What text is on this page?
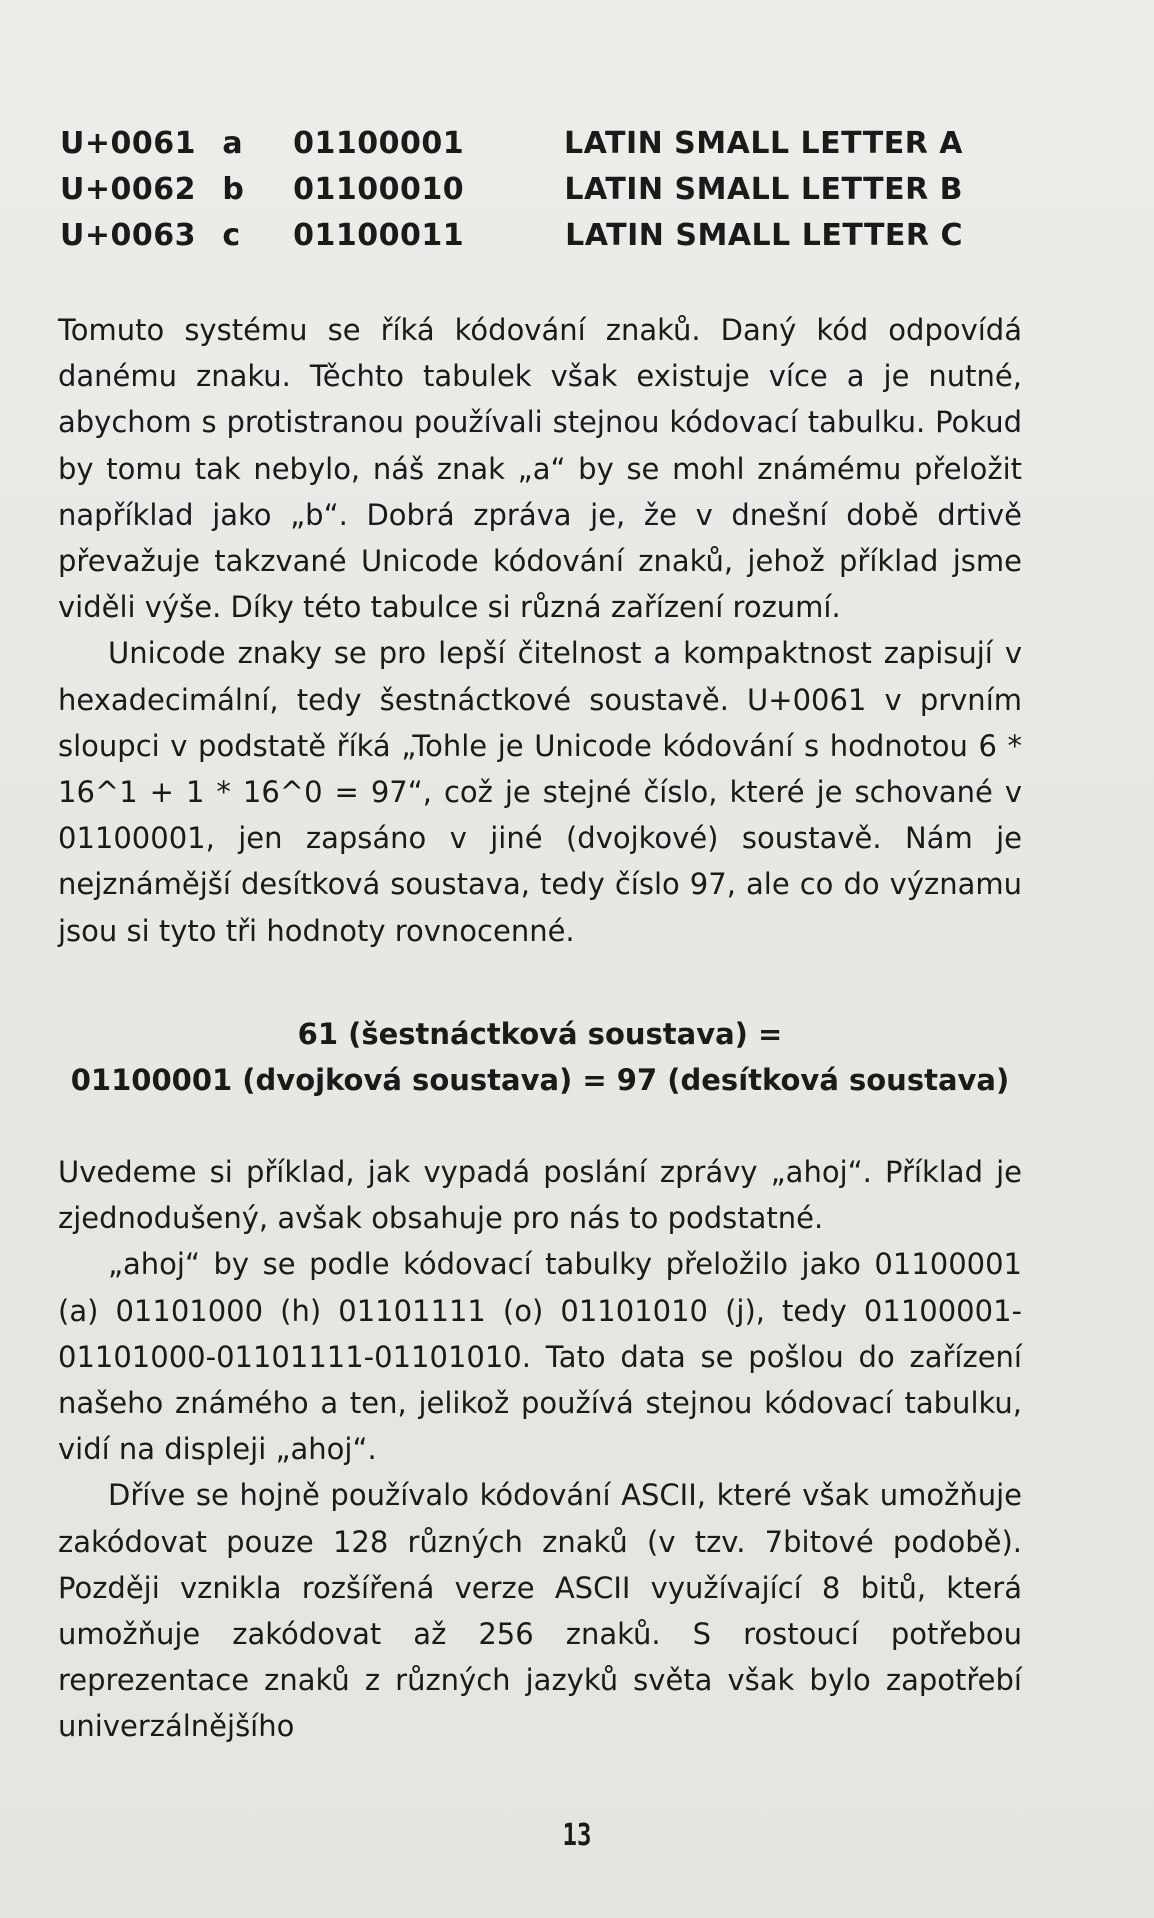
U+0061	a	01100001	LATIN SMALL LETTER A
U+0062	b	01100010	LATIN SMALL LETTER B
U+0063	c	01100011	LATIN SMALL LETTER C

Tomuto systému se říká kódování znaků. Daný kód odpovídá danému znaku. Těchto tabulek však existuje více a je nutné, abychom s protistranou používali stejnou kódovací tabulku. Pokud by tomu tak nebylo, náš znak „a“ by se mohl známému přeložit například jako „b“. Dobrá zpráva je, že v dnešní době drtivě převažuje takzvané Unicode kódování znaků, jehož příklad jsme viděli výše. Díky této tabulce si různá zařízení rozumí.

Unicode znaky se pro lepší čitelnost a kompaktnost zapisují v hexadecimální, tedy šestnáctkové soustavě. U+0061 v prvním sloupci v podstatě říká „Tohle je Unicode kódování s hodnotou 6 * 16^1 + 1 * 16^0 = 97“, což je stejné číslo, které je schované v 01100001, jen zapsáno v jiné (dvojkové) soustavě. Nám je nejznámější desítková soustava, tedy číslo 97, ale co do významu jsou si tyto tři hodnoty rovnocenné.

61 (šestnáctková soustava) =
01100001 (dvojková soustava) = 97 (desítková soustava)

Uvedeme si příklad, jak vypadá poslání zprávy „ahoj“. Příklad je zjednodušený, avšak obsahuje pro nás to podstatné.

„ahoj“ by se podle kódovací tabulky přeložilo jako 01100001 (a) 01101000 (h) 01101111 (o) 01101010 (j), tedy 01100001-01101000-01101111-01101010. Tato data se pošlou do zařízení našeho známého a ten, jelikož používá stejnou kódovací tabulku, vidí na displeji „ahoj“.

Dříve se hojně používalo kódování ASCII, které však umožňuje zakódovat pouze 128 různých znaků (v tzv. 7bitové podobě). Později vznikla rozšířená verze ASCII využívající 8 bitů, která umožňuje zakódovat až 256 znaků. S rostoucí potřebou reprezentace znaků z různých jazyků světa však bylo zapotřebí univerzálnějšího

13
